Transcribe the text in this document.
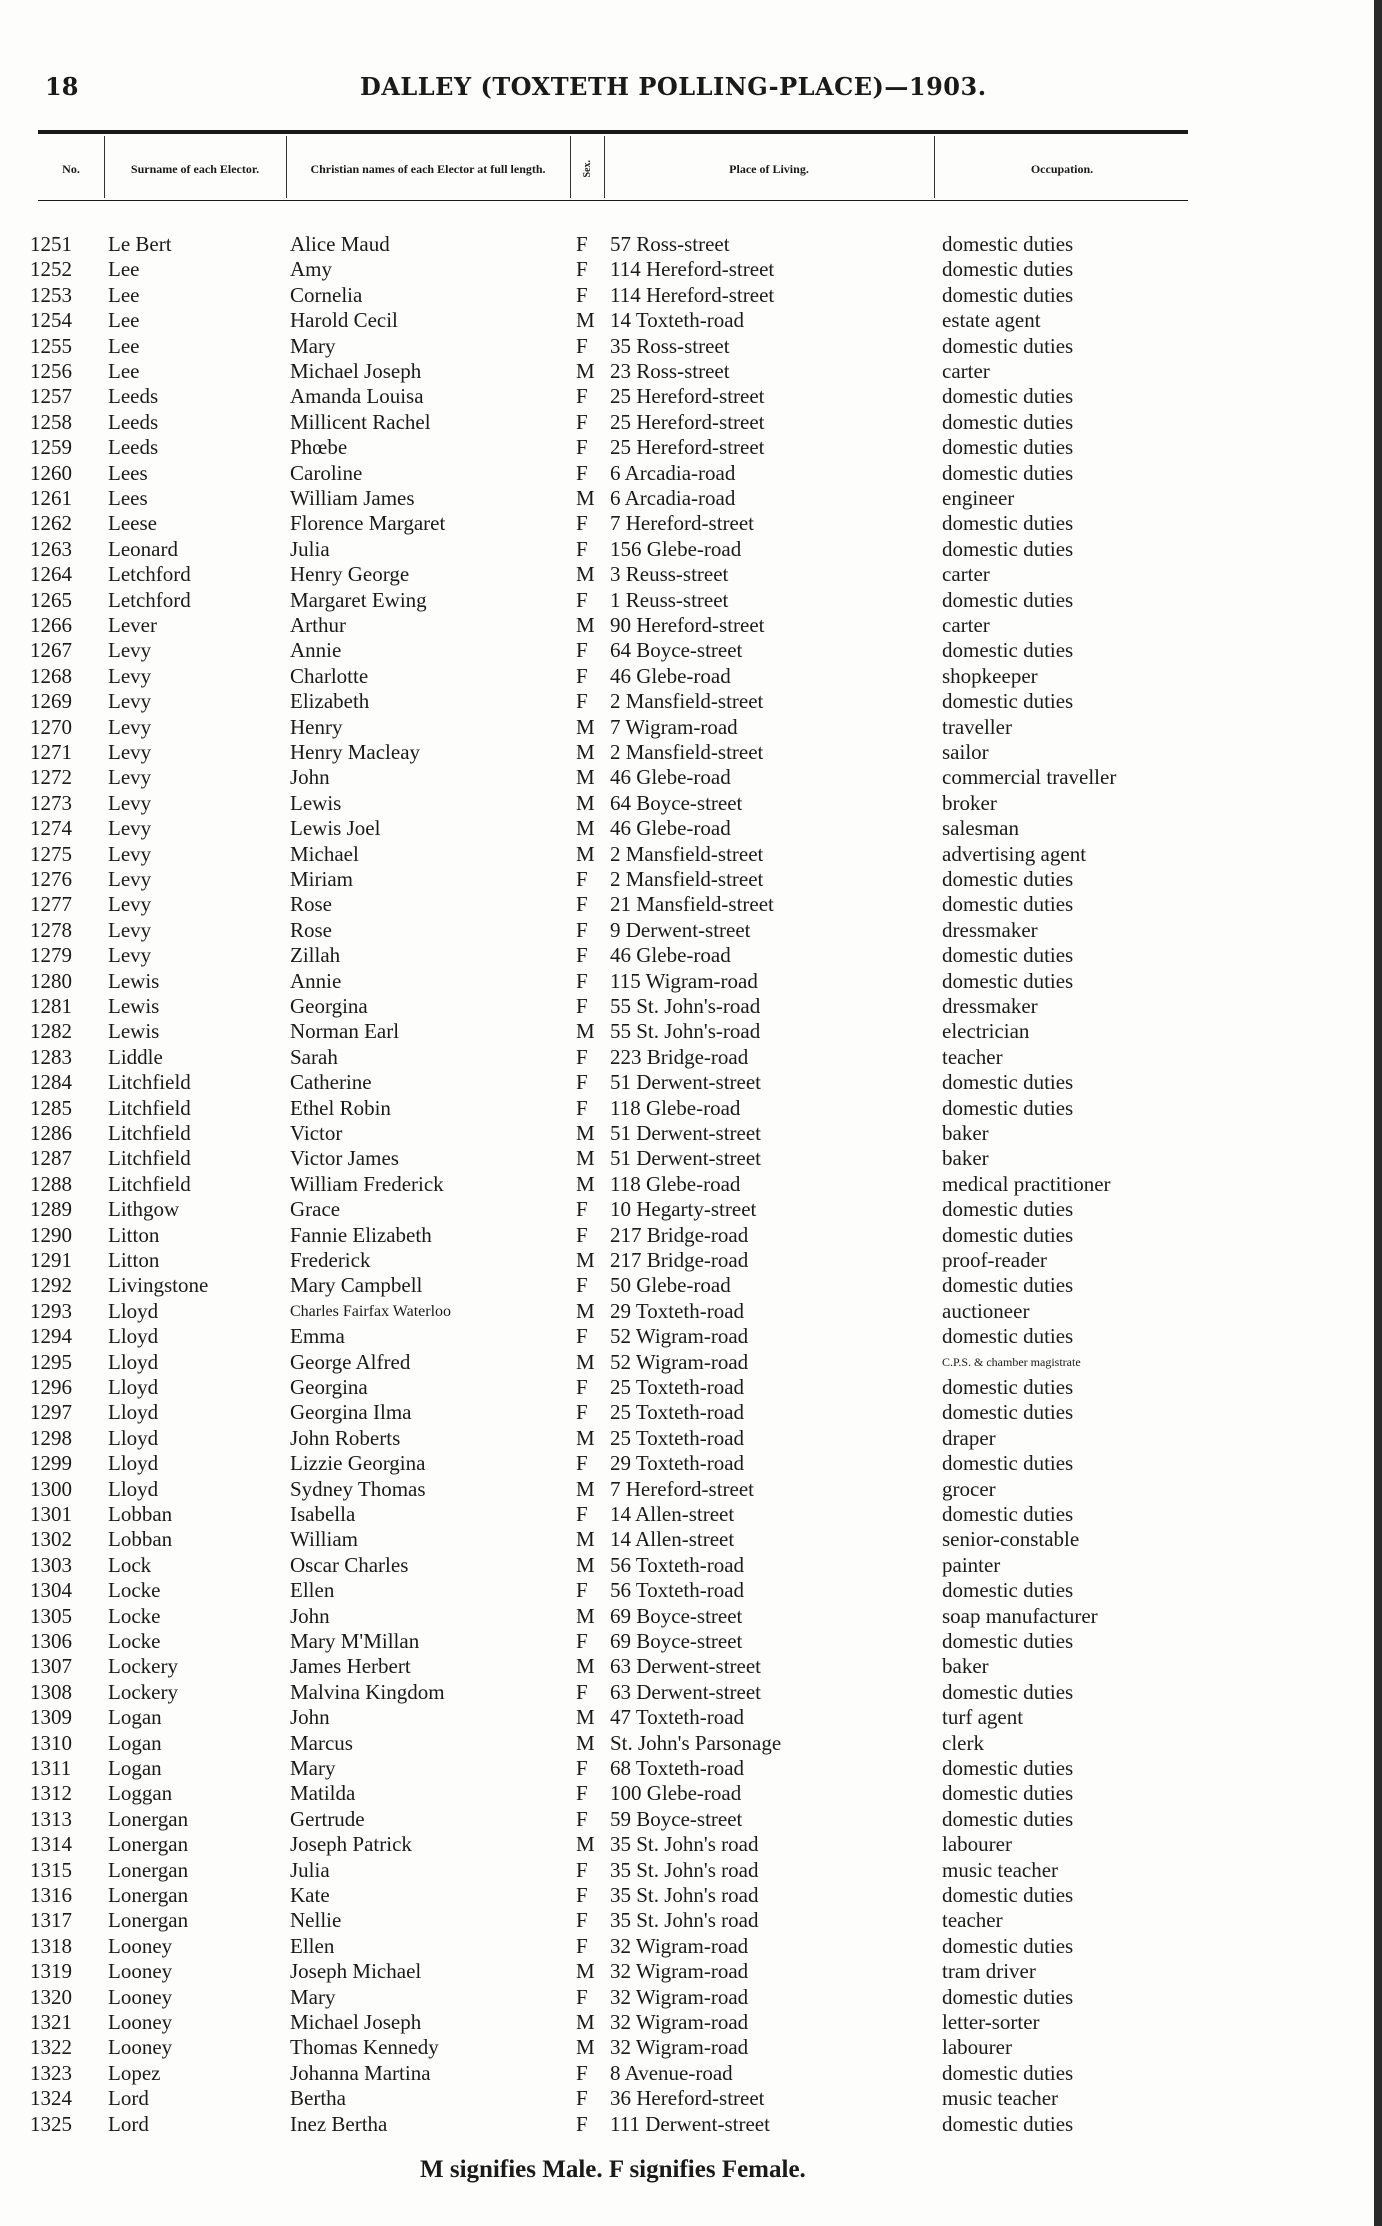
18	DALLEY (TOXTETH POLLING-PLACE)—1903.
No.	Surname of each Elector.	Christian names of each Elector at full length.	Sex.	Place of Living.	Occupation.
1251 Le Bert	Alice Maud	F 57 Ross-street	domestic duties
1252 Lee	Amy	F 114 Hereford-street	domestic duties
1253 Lee	Cornelia	F 114 Hereford-street	domestic duties
1254 Lee	Harold Cecil	M 14 Toxteth-road	estate agent
1255 Lee	Mary	F 35 Ross-street	domestic duties
1256 Lee	Michael Joseph	M 23 Ross-street	carter
1257 Leeds	Amanda Louisa	F 25 Hereford-street	domestic duties
1258 Leeds	Millicent Rachel	F 25 Hereford-street	domestic duties
1259 Leeds	Phœbe	F 25 Hereford-street	domestic duties
1260 Lees	Caroline	F 6 Arcadia-road	domestic duties
1261 Lees	William James	M 6 Arcadia-road	engineer
1262 Leese	Florence Margaret	F 7 Hereford-street	domestic duties
1263 Leonard	Julia	F 156 Glebe-road	domestic duties
1264 Letchford	Henry George	M 3 Reuss-street	carter
1265 Letchford	Margaret Ewing	F 1 Reuss-street	domestic duties
1266 Lever	Arthur	M 90 Hereford-street	carter
1267 Levy	Annie	F 64 Boyce-street	domestic duties
1268 Levy	Charlotte	F 46 Glebe-road	shopkeeper
1269 Levy	Elizabeth	F 2 Mansfield-street	domestic duties
1270 Levy	Henry	M 7 Wigram-road	traveller
1271 Levy	Henry Macleay	M 2 Mansfield-street	sailor
1272 Levy	John	M 46 Glebe-road	commercial traveller
1273 Levy	Lewis	M 64 Boyce-street	broker
1274 Levy	Lewis Joel	M 46 Glebe-road	salesman
1275 Levy	Michael	M 2 Mansfield-street	advertising agent
1276 Levy	Miriam	F 2 Mansfield-street	domestic duties
1277 Levy	Rose	F 21 Mansfield-street	domestic duties
1278 Levy	Rose	F 9 Derwent-street	dressmaker
1279 Levy	Zillah	F 46 Glebe-road	domestic duties
1280 Lewis	Annie	F 115 Wigram-road	domestic duties
1281 Lewis	Georgina	F 55 St. John's-road	dressmaker
1282 Lewis	Norman Earl	M 55 St. John's-road	electrician
1283 Liddle	Sarah	F 223 Bridge-road	teacher
1284 Litchfield	Catherine	F 51 Derwent-street	domestic duties
1285 Litchfield	Ethel Robin	F 118 Glebe-road	domestic duties
1286 Litchfield	Victor	M 51 Derwent-street	baker
1287 Litchfield	Victor James	M 51 Derwent-street	baker
1288 Litchfield	William Frederick	M 118 Glebe-road	medical practitioner
1289 Lithgow	Grace	F 10 Hegarty-street	domestic duties
1290 Litton	Fannie Elizabeth	F 217 Bridge-road	domestic duties
1291 Litton	Frederick	M 217 Bridge-road	proof-reader
1292 Livingstone	Mary Campbell	F 50 Glebe-road	domestic duties
1293 Lloyd	Charles Fairfax Waterloo	M 29 Toxteth-road	auctioneer
1294 Lloyd	Emma	F 52 Wigram-road	domestic duties
1295 Lloyd	George Alfred	M 52 Wigram-road	C.P.S. & chamber magistrate
1296 Lloyd	Georgina	F 25 Toxteth-road	domestic duties
1297 Lloyd	Georgina Ilma	F 25 Toxteth-road	domestic duties
1298 Lloyd	John Roberts	M 25 Toxteth-road	draper
1299 Lloyd	Lizzie Georgina	F 29 Toxteth-road	domestic duties
1300 Lloyd	Sydney Thomas	M 7 Hereford-street	grocer
1301 Lobban	Isabella	F 14 Allen-street	domestic duties
1302 Lobban	William	M 14 Allen-street	senior-constable
1303 Lock	Oscar Charles	M 56 Toxteth-road	painter
1304 Locke	Ellen	F 56 Toxteth-road	domestic duties
1305 Locke	John	M 69 Boyce-street	soap manufacturer
1306 Locke	Mary M'Millan	F 69 Boyce-street	domestic duties
1307 Lockery	James Herbert	M 63 Derwent-street	baker
1308 Lockery	Malvina Kingdom	F 63 Derwent-street	domestic duties
1309 Logan	John	M 47 Toxteth-road	turf agent
1310 Logan	Marcus	M St. John's Parsonage	clerk
1311 Logan	Mary	F 68 Toxteth-road	domestic duties
1312 Loggan	Matilda	F 100 Glebe-road	domestic duties
1313 Lonergan	Gertrude	F 59 Boyce-street	domestic duties
1314 Lonergan	Joseph Patrick	M 35 St. John's road	labourer
1315 Lonergan	Julia	F 35 St. John's road	music teacher
1316 Lonergan	Kate	F 35 St. John's road	domestic duties
1317 Lonergan	Nellie	F 35 St. John's road	teacher
1318 Looney	Ellen	F 32 Wigram-road	domestic duties
1319 Looney	Joseph Michael	M 32 Wigram-road	tram driver
1320 Looney	Mary	F 32 Wigram-road	domestic duties
1321 Looney	Michael Joseph	M 32 Wigram-road	letter-sorter
1322 Looney	Thomas Kennedy	M 32 Wigram-road	labourer
1323 Lopez	Johanna Martina	F 8 Avenue-road	domestic duties
1324 Lord	Bertha	F 36 Hereford-street	music teacher
1325 Lord	Inez Bertha	F 111 Derwent-street	domestic duties
M signifies Male. F signifies Female.
